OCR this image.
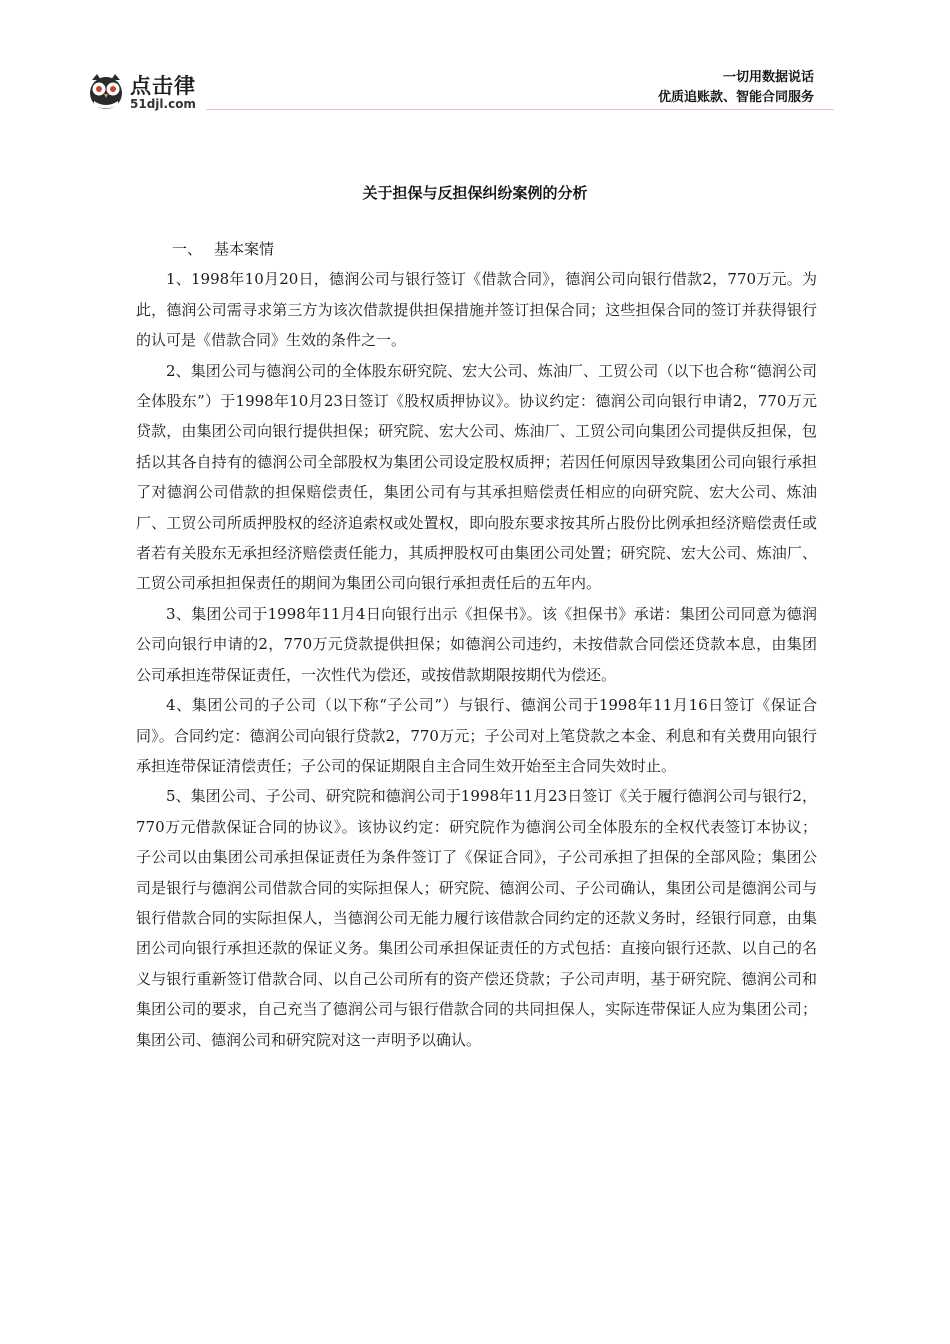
点击律
51djl.com
一切用数据说话
优质追账款、智能合同服务
关于担保与反担保纠纷案例的分析
一、 基本案情

1、1998年10月20日，德润公司与银行签订《借款合同》，德润公司向银行借款2，770万元。为此，德润公司需寻求第三方为该次借款提供担保措施并签订担保合同；这些担保合同的签订并获得银行的认可是《借款合同》生效的条件之一。

2、集团公司与德润公司的全体股东研究院、宏大公司、炼油厂、工贸公司（以下也合称“德润公司全体股东”）于1998年10月23日签订《股权质押协议》。协议约定：德润公司向银行申请2，770万元贷款，由集团公司向银行提供担保；研究院、宏大公司、炼油厂、工贸公司向集团公司提供反担保，包括以其各自持有的德润公司全部股权为集团公司设定股权质押；若因任何原因导致集团公司向银行承担了对德润公司借款的担保赔偿责任，集团公司有与其承担赔偿责任相应的向研究院、宏大公司、炼油厂、工贸公司所质押股权的经济追索权或处置权，即向股东要求按其所占股份比例承担经济赔偿责任或者若有关股东无承担经济赔偿责任能力，其质押股权可由集团公司处置；研究院、宏大公司、炼油厂、工贸公司承担担保责任的期间为集团公司向银行承担责任后的五年内。

3、集团公司于1998年11月4日向银行出示《担保书》。该《担保书》承诺：集团公司同意为德润公司向银行申请的2，770万元贷款提供担保；如德润公司违约，未按借款合同偿还贷款本息，由集团公司承担连带保证责任，一次性代为偿还，或按借款期限按期代为偿还。

4、集团公司的子公司（以下称“子公司”）与银行、德润公司于1998年11月16日签订《保证合同》。合同约定：德润公司向银行贷款2，770万元；子公司对上笔贷款之本金、利息和有关费用向银行承担连带保证清偿责任；子公司的保证期限自主合同生效开始至主合同失效时止。

5、集团公司、子公司、研究院和德润公司于1998年11月23日签订《关于履行德润公司与银行2，770万元借款保证合同的协议》。该协议约定：研究院作为德润公司全体股东的全权代表签订本协议；子公司以由集团公司承担保证责任为条件签订了《保证合同》，子公司承担了担保的全部风险；集团公司是银行与德润公司借款合同的实际担保人；研究院、德润公司、子公司确认，集团公司是德润公司与银行借款合同的实际担保人，当德润公司无能力履行该借款合同约定的还款义务时，经银行同意，由集团公司向银行承担还款的保证义务。集团公司承担保证责任的方式包括：直接向银行还款、以自己的名义与银行重新签订借款合同、以自己公司所有的资产偿还贷款；子公司声明，基于研究院、德润公司和集团公司的要求，自己充当了德润公司与银行借款合同的共同担保人，实际连带保证人应为集团公司；集团公司、德润公司和研究院对这一声明予以确认。
